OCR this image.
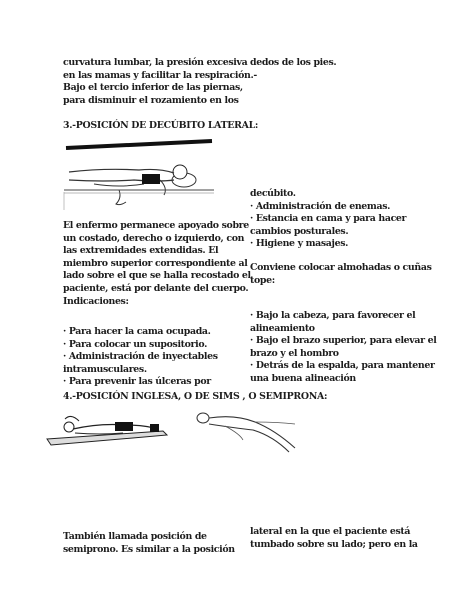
curvatura lumbar, la presión excesiva
en las mamas y facilitar la respiración.-
Bajo el tercio inferior de las piernas,
para disminuir el rozamiento en los
dedos de los pies.
3.-POSICIÓN DE DECÚBITO LATERAL:
El enfermo permanece apoyado sobre
un costado, derecho o izquierdo, con
las extremidades extendidas. El
miembro superior correspondiente al
lado sobre el que se halla recostado el
paciente, está por delante del cuerpo.
Indicaciones:
· Para hacer la cama ocupada.
· Para colocar un supositorio.
· Administración de inyectables
intramusculares.
· Para prevenir las úlceras por
decúbito.
· Administración de enemas.
· Estancia en cama y para hacer
cambios posturales.
· Higiene y masajes.
Conviene colocar almohadas o cuñas
tope:
· Bajo la cabeza, para favorecer el
alineamiento
· Bajo el brazo superior, para elevar el
brazo y el hombro
· Detrás de la espalda, para mantener
una buena alineación
4.-POSICIÓN INGLESA, O DE SIMS , O SEMIPRONA:
También llamada posición de
semiprono. Es similar a la posición
lateral en la que el paciente está
tumbado sobre su lado; pero en la
